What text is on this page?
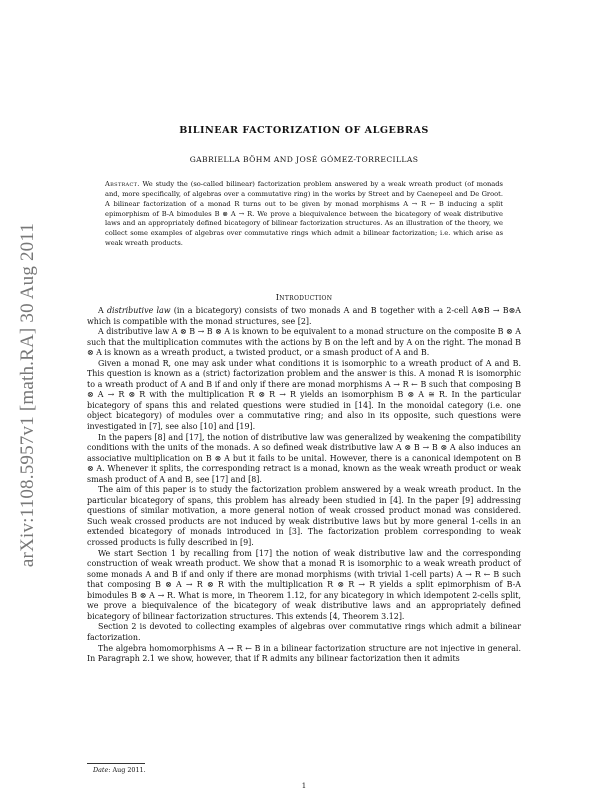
arXiv:1108.5957v1 [math.RA] 30 Aug 2011
BILINEAR FACTORIZATION OF ALGEBRAS
GABRIELLA BÖHM AND JOSÉ GÓMEZ-TORRECILLAS
Abstract. We study the (so-called bilinear) factorization problem answered by a weak wreath product (of monads and, more specifically, of algebras over a commutative ring) in the works by Street and by Caenepeel and De Groot. A bilinear factorization of a monad R turns out to be given by monad morphisms A → R ← B inducing a split epimorphism of B-A bimodules B ⊗ A → R. We prove a biequivalence between the bicategory of weak distributive laws and an appropriately defined bicategory of bilinear factorization structures. As an illustration of the theory, we collect some examples of algebras over commutative rings which admit a bilinear factorization; i.e. which arise as weak wreath products.
Introduction

A distributive law (in a bicategory) consists of two monads A and B together with a 2-cell A⊗B → B⊗A which is compatible with the monad structures, see [2].

A distributive law A ⊗ B → B ⊗ A is known to be equivalent to a monad structure on the composite B ⊗ A such that the multiplication commutes with the actions by B on the left and by A on the right. The monad B ⊗ A is known as a wreath product, a twisted product, or a smash product of A and B.

Given a monad R, one may ask under what conditions it is isomorphic to a wreath product of A and B. This question is known as a (strict) factorization problem and the answer is this. A monad R is isomorphic to a wreath product of A and B if and only if there are monad morphisms A → R ← B such that composing B ⊗ A → R ⊗ R with the multiplication R ⊗ R → R yields an isomorphism B ⊗ A ≅ R. In the particular bicategory of spans this and related questions were studied in [14]. In the monoidal category (i.e. one object bicategory) of modules over a commutative ring; and also in its opposite, such questions were investigated in [7], see also [10] and [19].

In the papers [8] and [17], the notion of distributive law was generalized by weakening the compatibility conditions with the units of the monads. A so defined weak distributive law A ⊗ B → B ⊗ A also induces an associative multiplication on B ⊗ A but it fails to be unital. However, there is a canonical idempotent on B ⊗ A. Whenever it splits, the corresponding retract is a monad, known as the weak wreath product or weak smash product of A and B, see [17] and [8].

The aim of this paper is to study the factorization problem answered by a weak wreath product. In the particular bicategory of spans, this problem has already been studied in [4]. In the paper [9] addressing questions of similar motivation, a more general notion of weak crossed product monad was considered. Such weak crossed products are not induced by weak distributive laws but by more general 1-cells in an extended bicategory of monads introduced in [3]. The factorization problem corresponding to weak crossed products is fully described in [9].

We start Section 1 by recalling from [17] the notion of weak distributive law and the corresponding construction of weak wreath product. We show that a monad R is isomorphic to a weak wreath product of some monads A and B if and only if there are monad morphisms (with trivial 1-cell parts) A → R ← B such that composing B ⊗ A → R ⊗ R with the multiplication R ⊗ R → R yields a split epimorphism of B-A bimodules B ⊗ A → R. What is more, in Theorem 1.12, for any bicategory in which idempotent 2-cells split, we prove a biequivalence of the bicategory of weak distributive laws and an appropriately defined bicategory of bilinear factorization structures. This extends [4, Theorem 3.12].

Section 2 is devoted to collecting examples of algebras over commutative rings which admit a bilinear factorization.

The algebra homomorphisms A → R ← B in a bilinear factorization structure are not injective in general. In Paragraph 2.1 we show, however, that if R admits any bilinear factorization then it admits

Date: Aug 2011.
1
